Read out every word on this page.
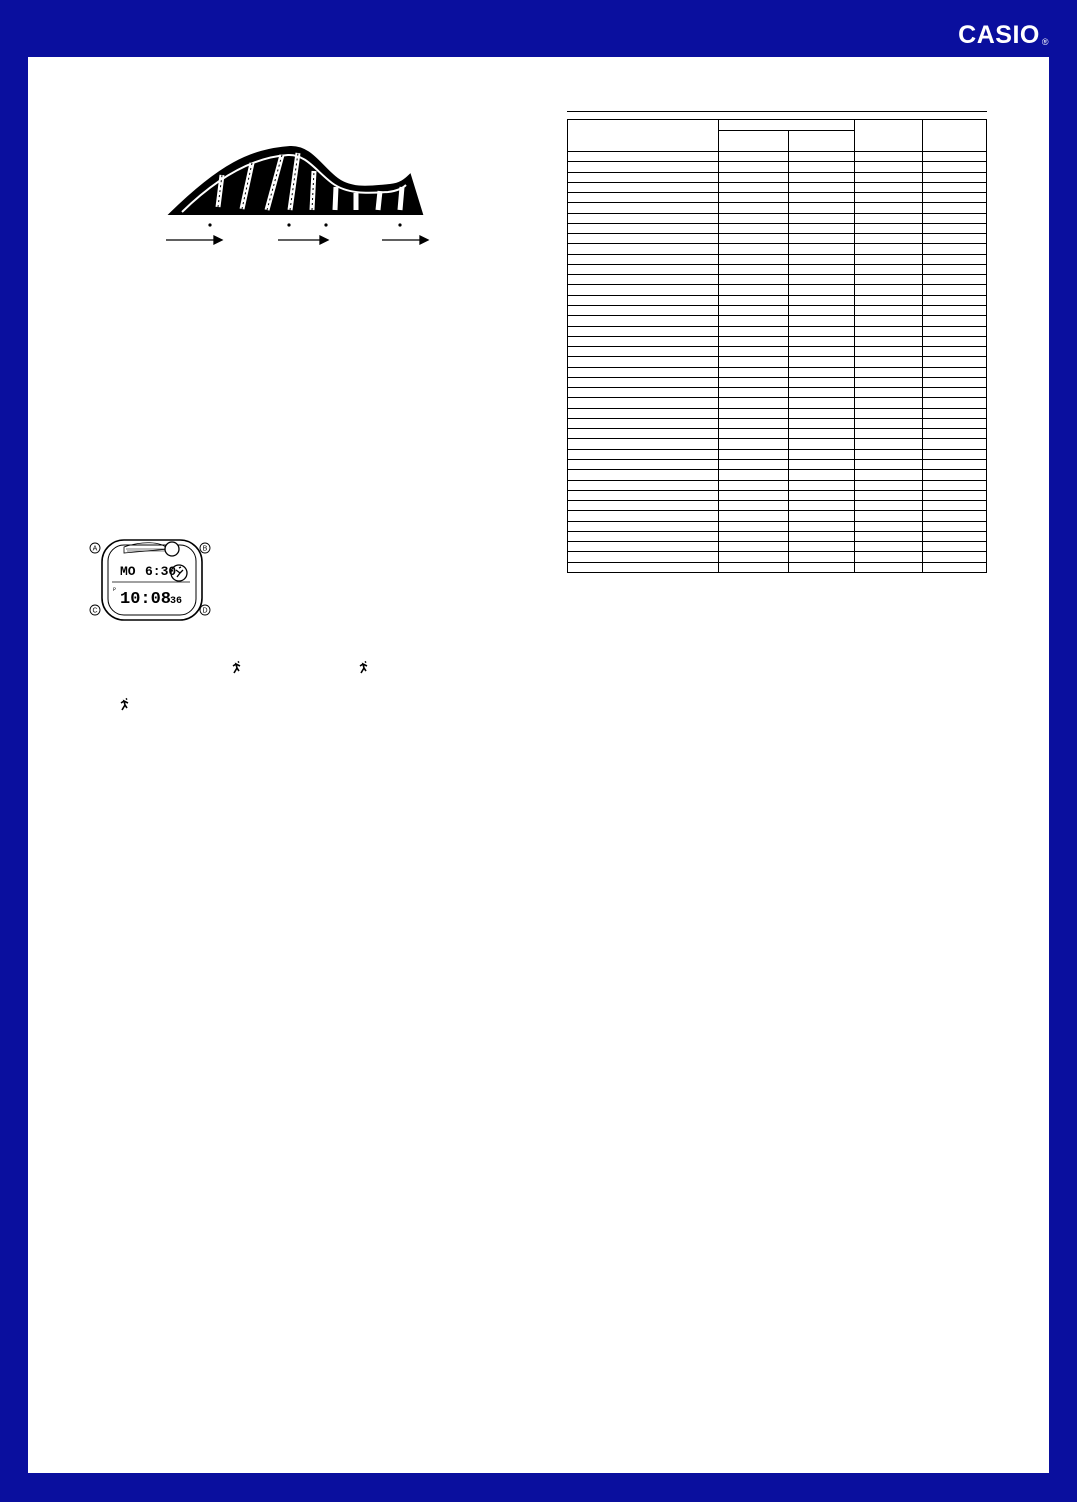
CASIO ®
A	B
C	D
MO 6:30
10:08
36
P
